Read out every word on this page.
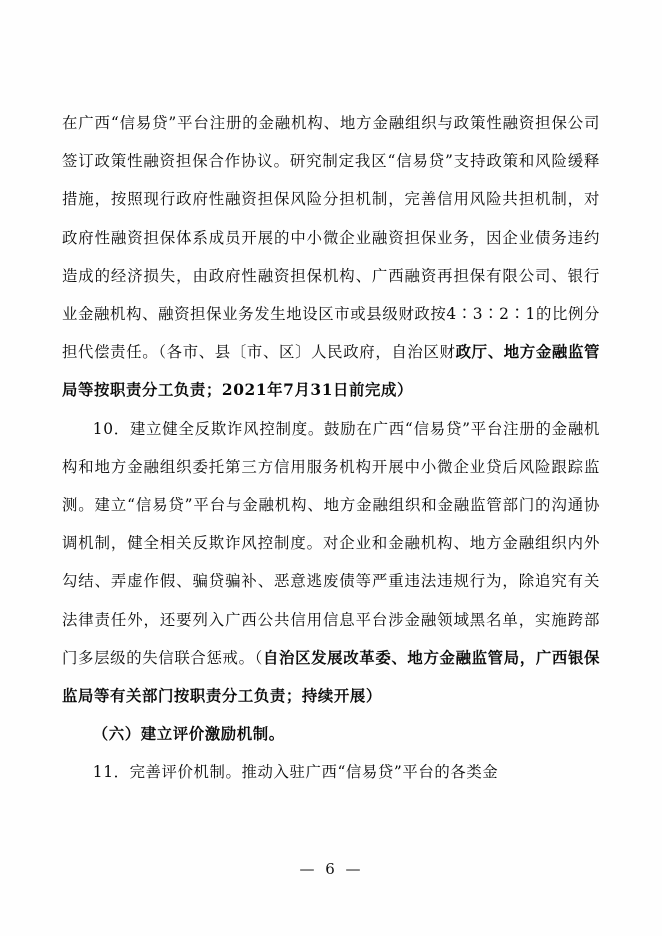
在广西“信易贷”平台注册的金融机构、地方金融组织与政策性融资担保公司签订政策性融资担保合作协议。研究制定我区“信易贷”支持政策和风险缓释措施，按照现行政府性融资担保风险分担机制，完善信用风险共担机制，对政府性融资担保体系成员开展的中小微企业融资担保业务，因企业债务违约造成的经济损失，由政府性融资担保机构、广西融资再担保有限公司、银行业金融机构、融资担保业务发生地设区市或县级财政按4∶3∶2∶1的比例分担代偿责任。（各市、县〔市、区〕人民政府，自治区财政厅、地方金融监管局等按职责分工负责；2021年7月31日前完成）

10．建立健全反欺诈风控制度。鼓励在广西“信易贷”平台注册的金融机构和地方金融组织委托第三方信用服务机构开展中小微企业贷后风险跟踪监测。建立“信易贷”平台与金融机构、地方金融组织和金融监管部门的沟通协调机制，健全相关反欺诈风控制度。对企业和金融机构、地方金融组织内外勾结、弄虚作假、骗贷骗补、恶意逃废债等严重违法违规行为，除追究有关法律责任外，还要列入广西公共信用信息平台涉金融领域黑名单，实施跨部门多层级的失信联合惩戒。（自治区发展改革委、地方金融监管局，广西银保监局等有关部门按职责分工负责；持续开展）

（六）建立评价激励机制。

11．完善评价机制。推动入驻广西“信易贷”平台的各类金

— 6 —
